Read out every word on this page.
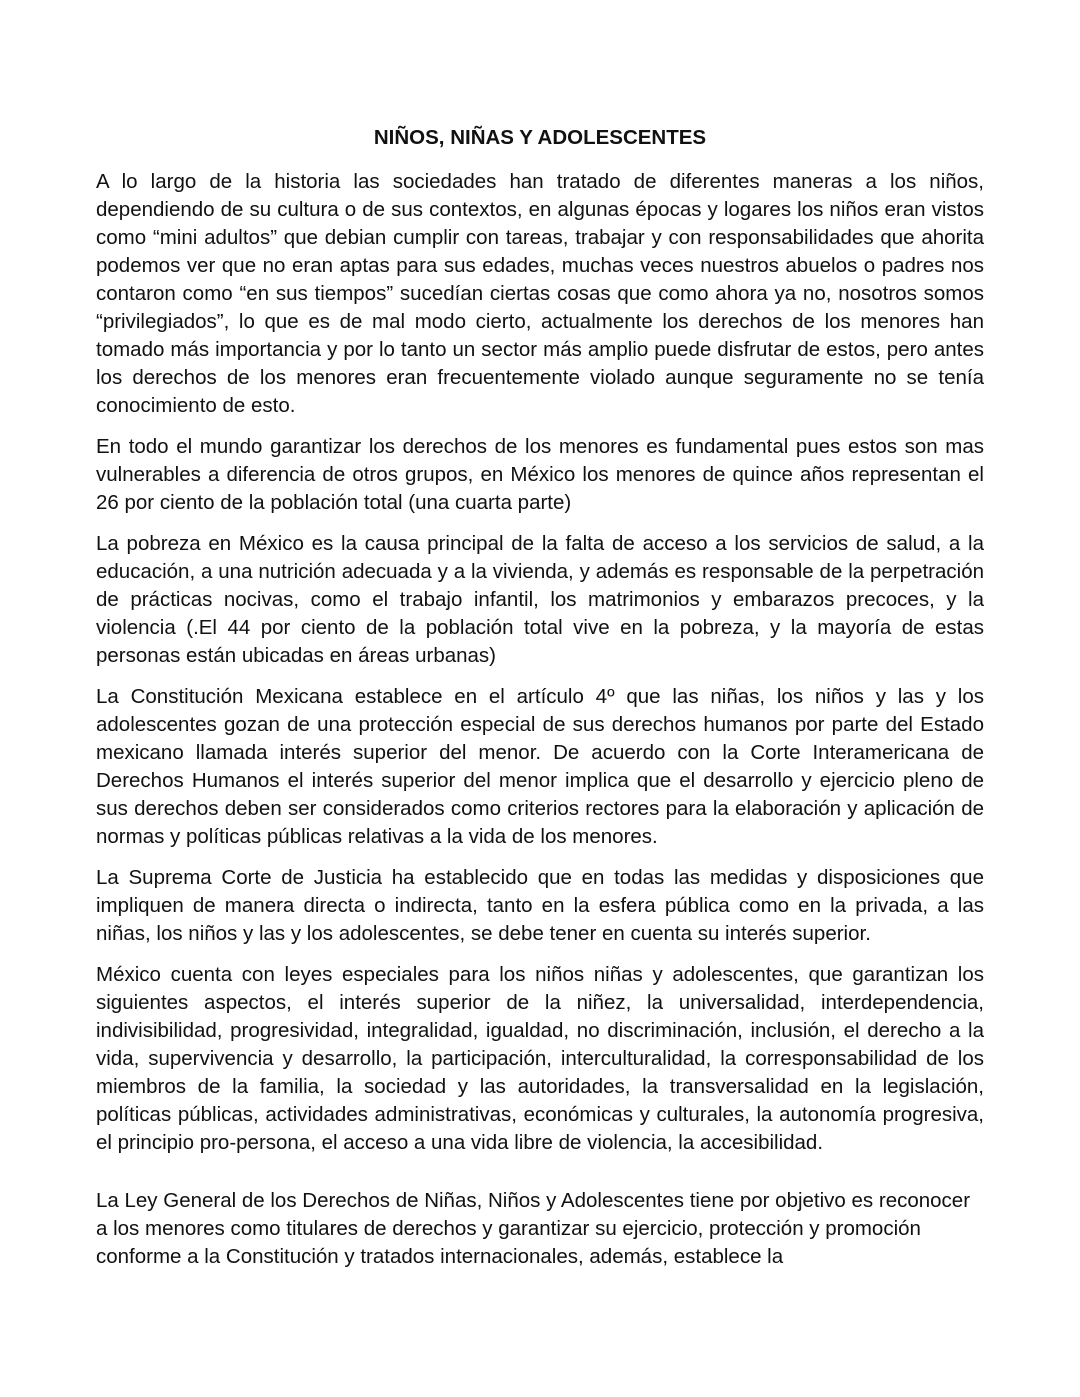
NIÑOS, NIÑAS Y ADOLESCENTES

A lo largo de la historia las sociedades han tratado de diferentes maneras a los niños, dependiendo de su cultura o de sus contextos, en algunas épocas y logares los niños eran vistos como “mini adultos” que debian cumplir con tareas, trabajar y con responsabilidades que ahorita podemos ver que no eran aptas para sus edades, muchas veces nuestros abuelos o padres nos contaron como “en sus tiempos” sucedían ciertas cosas que como ahora ya no, nosotros somos “privilegiados”, lo que es de mal modo cierto, actualmente los derechos de los menores han tomado más importancia y por lo tanto un sector más amplio puede disfrutar de estos, pero antes los derechos de los menores eran frecuentemente violado aunque seguramente no se tenía conocimiento de esto.

En todo el mundo garantizar los derechos de los menores es fundamental pues estos son mas vulnerables a diferencia de otros grupos, en México los menores de quince años representan el 26 por ciento de la población total (una cuarta parte)

La pobreza en México es la causa principal de la falta de acceso a los servicios de salud, a la educación, a una nutrición adecuada y a la vivienda, y además es responsable de la perpetración de prácticas nocivas, como el trabajo infantil, los matrimonios y embarazos precoces, y la violencia (.El 44 por ciento de la población total vive en la pobreza, y la mayoría de estas personas están ubicadas en áreas urbanas)

La Constitución Mexicana establece en el artículo 4º que las niñas, los niños y las y los adolescentes gozan de una protección especial de sus derechos humanos por parte del Estado mexicano llamada interés superior del menor. De acuerdo con la Corte Interamericana de Derechos Humanos el interés superior del menor implica que el desarrollo y ejercicio pleno de sus derechos deben ser considerados como criterios rectores para la elaboración y aplicación de normas y políticas públicas relativas a la vida de los menores.

La Suprema Corte de Justicia ha establecido que en todas las medidas y disposiciones que impliquen de manera directa o indirecta, tanto en la esfera pública como en la privada, a las niñas, los niños y las y los adolescentes, se debe tener en cuenta su interés superior.

México cuenta con leyes especiales para los niños niñas y adolescentes, que garantizan los siguientes aspectos, el interés superior de la niñez, la universalidad, interdependencia, indivisibilidad, progresividad, integralidad, igualdad, no discriminación, inclusión, el derecho a la vida, supervivencia y desarrollo, la participación, interculturalidad, la corresponsabilidad de los miembros de la familia, la sociedad y las autoridades, la transversalidad en la legislación, políticas públicas, actividades administrativas, económicas y culturales, la autonomía progresiva, el principio pro-persona, el acceso a una vida libre de violencia, la accesibilidad.

La Ley General de los Derechos de Niñas, Niños y Adolescentes tiene por objetivo es reconocer a los menores como titulares de derechos y garantizar su ejercicio, protección y promoción conforme a la Constitución y tratados internacionales, además, establece la
